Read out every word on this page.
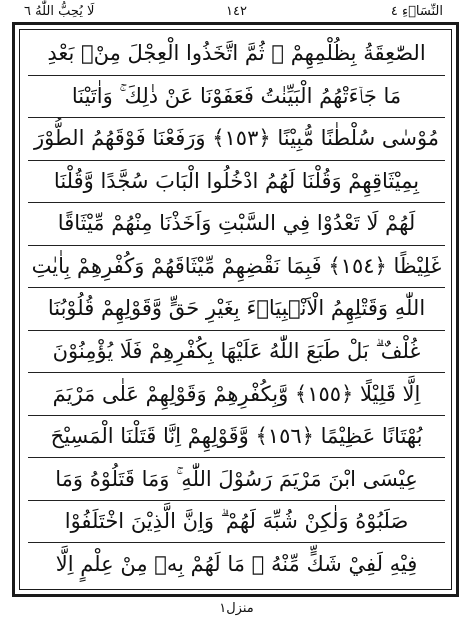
لَا يُحِبُّ اللّٰهُ ٦	١٤٢	النِّسَاۤءِ ٤
الصّٰعِقَةُ بِظُلْمِهِمْ ۚ ثُمَّ اتَّخَذُوا الْعِجْلَ مِنْۢ بَعْدِ
مَا جَاۤءَتْهُمُ الْبَيِّنٰتُ فَعَفَوْنَا عَنْ ذٰلِكَ ۚ وَاٰتَيْنَا
مُوْسٰى سُلْطٰنًا مُّبِيْنًا ﴿١٥٣﴾ وَرَفَعْنَا فَوْقَهُمُ الطُّوْرَ
بِمِيْثَاقِهِمْ وَقُلْنَا لَهُمُ ادْخُلُوا الْبَابَ سُجَّدًا وَّقُلْنَا
لَهُمْ لَا تَعْدُوْا فِي السَّبْتِ وَاَخَذْنَا مِنْهُمْ مِّيْثَاقًا
غَلِيْظًا ﴿١٥٤﴾ فَبِمَا نَقْضِهِمْ مِّيْثَاقَهُمْ وَكُفْرِهِمْ بِاٰيٰتِ
اللّٰهِ وَقَتْلِهِمُ الْاَنْۢبِيَاۤءَ بِغَيْرِ حَقٍّ وَّقَوْلِهِمْ قُلُوْبُنَا
غُلْفٌ ۗ بَلْ طَبَعَ اللّٰهُ عَلَيْهَا بِكُفْرِهِمْ فَلَا يُؤْمِنُوْنَ
اِلَّا قَلِيْلًا ﴿١٥٥﴾ وَّبِكُفْرِهِمْ وَقَوْلِهِمْ عَلٰى مَرْيَمَ
بُهْتَانًا عَظِيْمًا ﴿١٥٦﴾ وَّقَوْلِهِمْ اِنَّا قَتَلْنَا الْمَسِيْحَ
عِيْسَى ابْنَ مَرْيَمَ رَسُوْلَ اللّٰهِ ۚ وَمَا قَتَلُوْهُ وَمَا
صَلَبُوْهُ وَلٰكِنْ شُبِّهَ لَهُمْ ۗ وَاِنَّ الَّذِيْنَ اخْتَلَفُوْا
فِيْهِ لَفِيْ شَكٍّ مِّنْهُ ۗ مَا لَهُمْ بِهٖ مِنْ عِلْمٍ اِلَّا
منزل١
